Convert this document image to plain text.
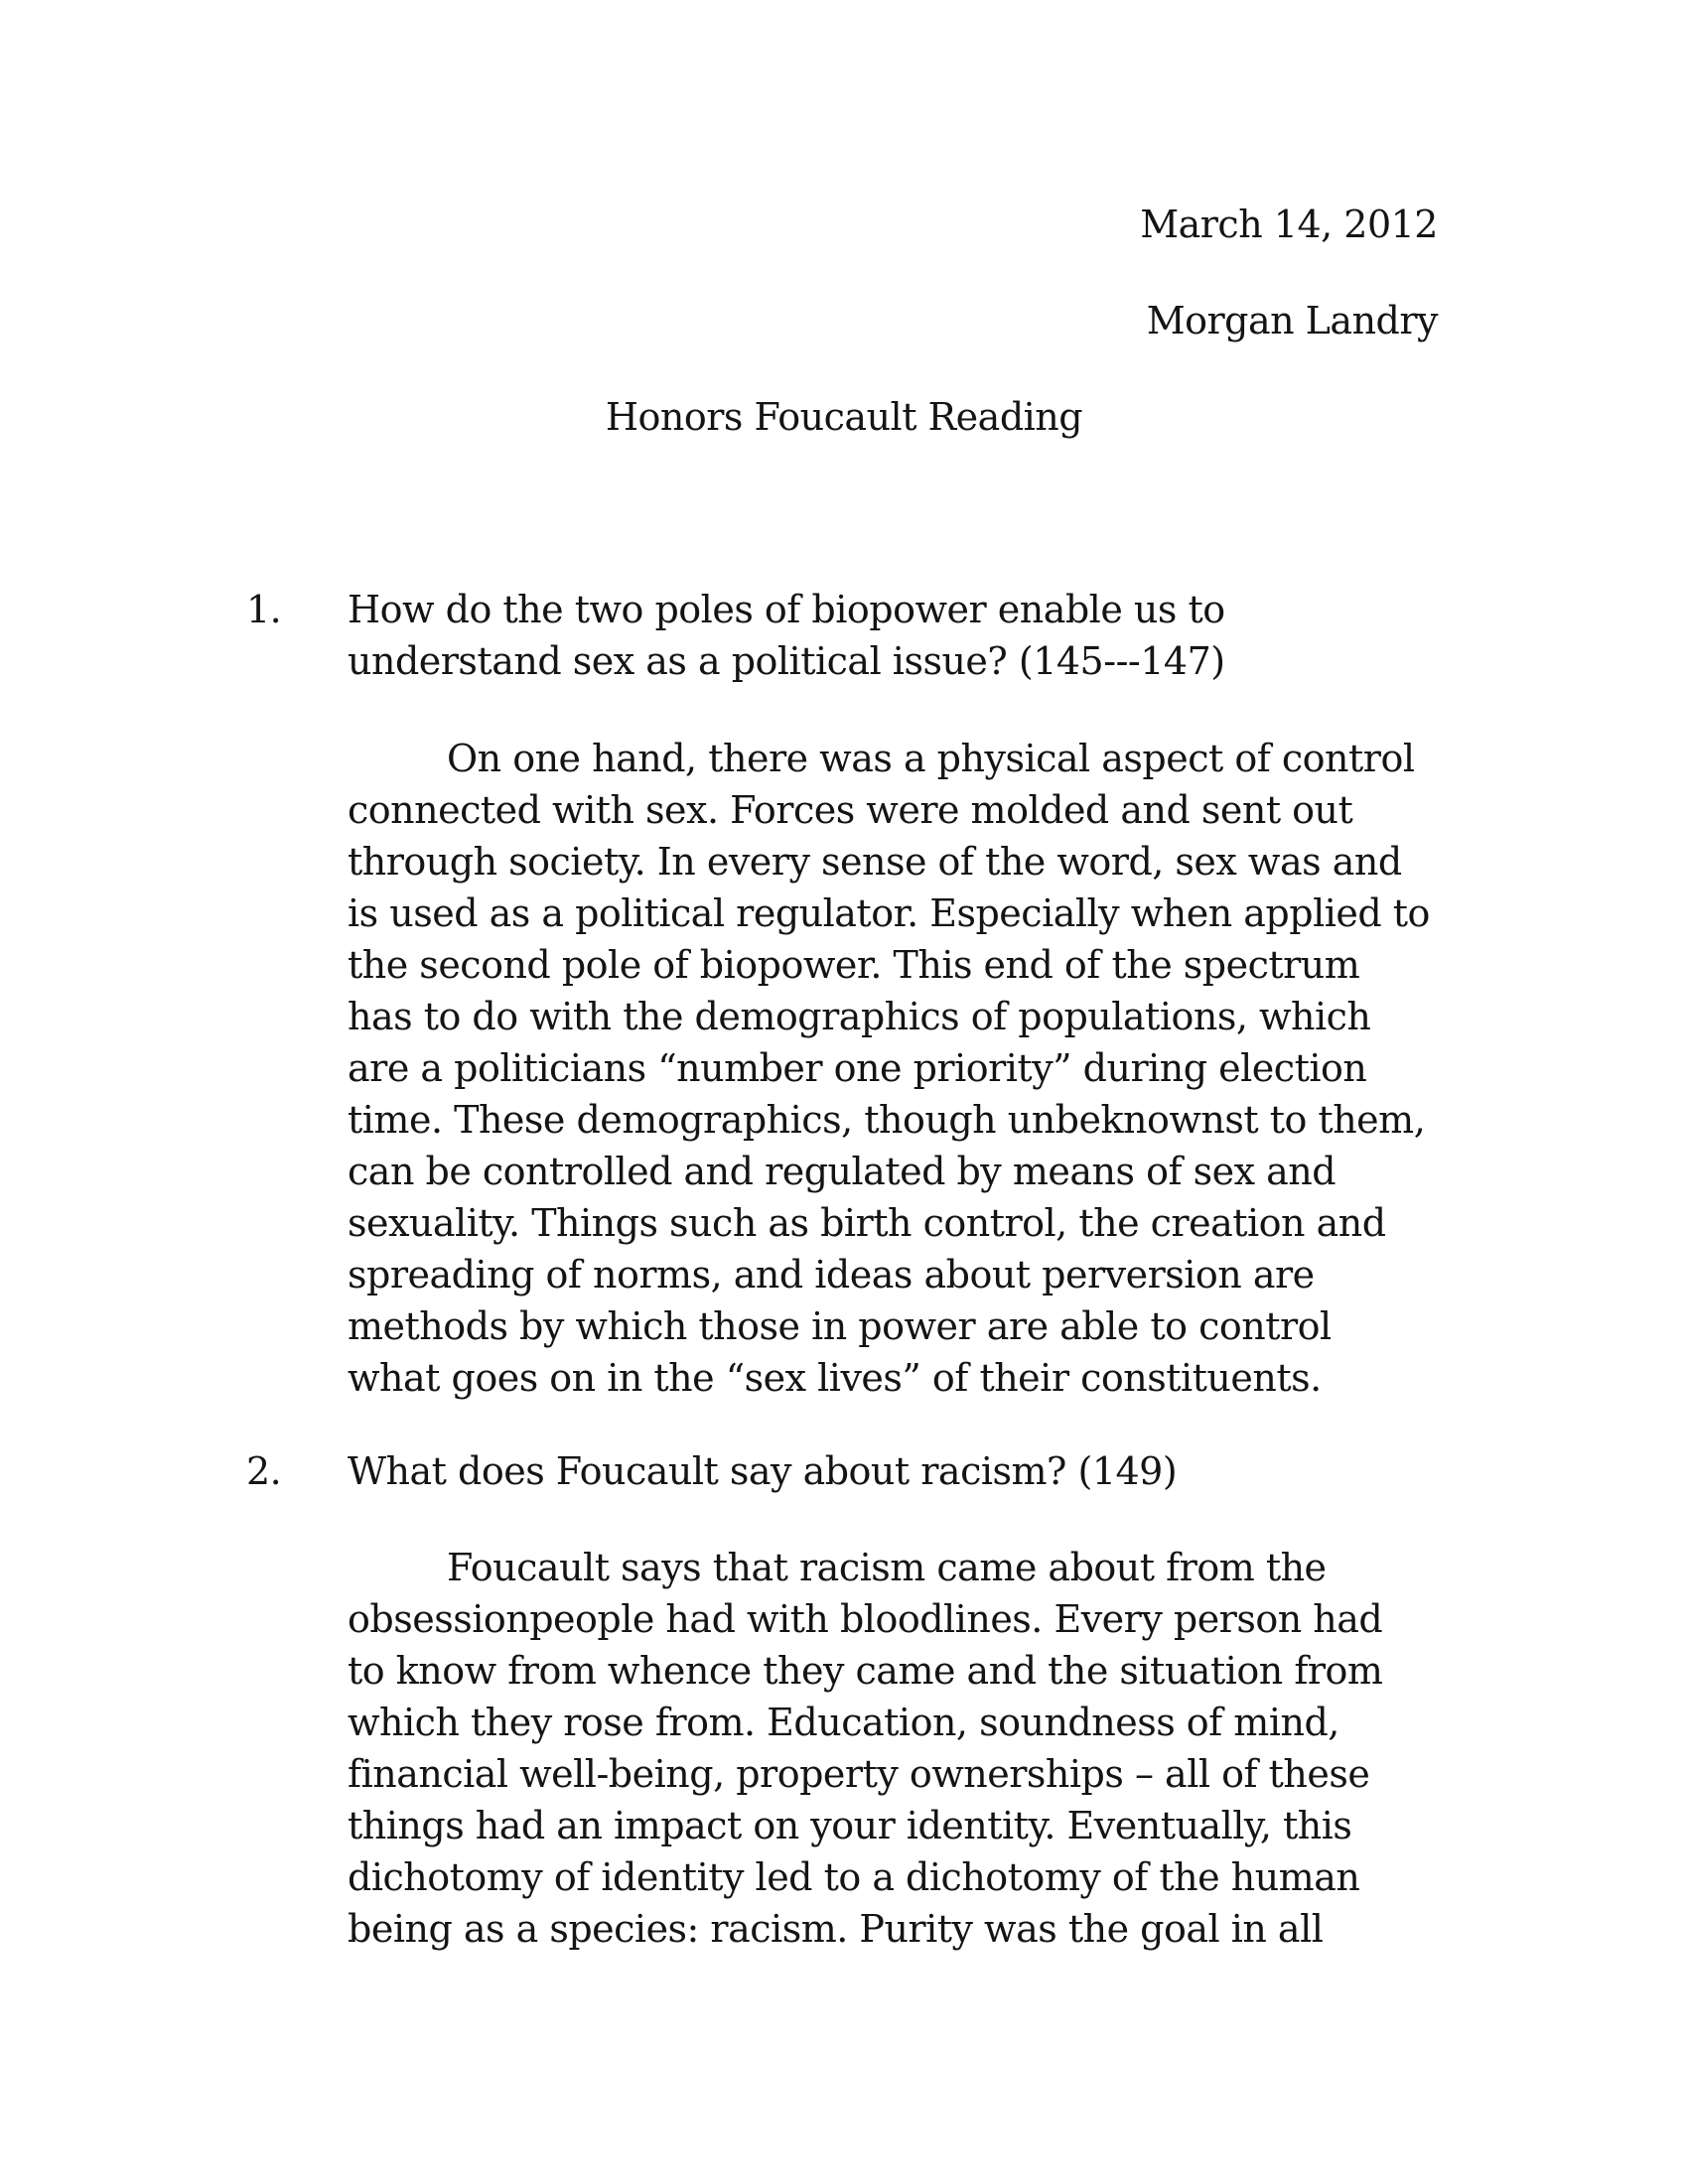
March 14, 2012
Morgan Landry
Honors Foucault Reading
1. How do the two poles of biopower enable us to

understand sex as a political issue? (145---147)

On one hand, there was a physical aspect of control

connected with sex. Forces were molded and sent out

through society. In every sense of the word, sex was and

is used as a political regulator. Especially when applied to

the second pole of biopower. This end of the spectrum

has to do with the demographics of populations, which

are a politicians “number one priority” during election

time. These demographics, though unbeknownst to them,

can be controlled and regulated by means of sex and

sexuality. Things such as birth control, the creation and

spreading of norms, and ideas about perversion are

methods by which those in power are able to control

what goes on in the “sex lives” of their constituents.

2. What does Foucault say about racism? (149)

Foucault says that racism came about from the

obsessionpeople had with bloodlines. Every person had

to know from whence they came and the situation from

which they rose from. Education, soundness of mind,

financial well-being, property ownerships – all of these

things had an impact on your identity. Eventually, this

dichotomy of identity led to a dichotomy of the human

being as a species: racism. Purity was the goal in all
